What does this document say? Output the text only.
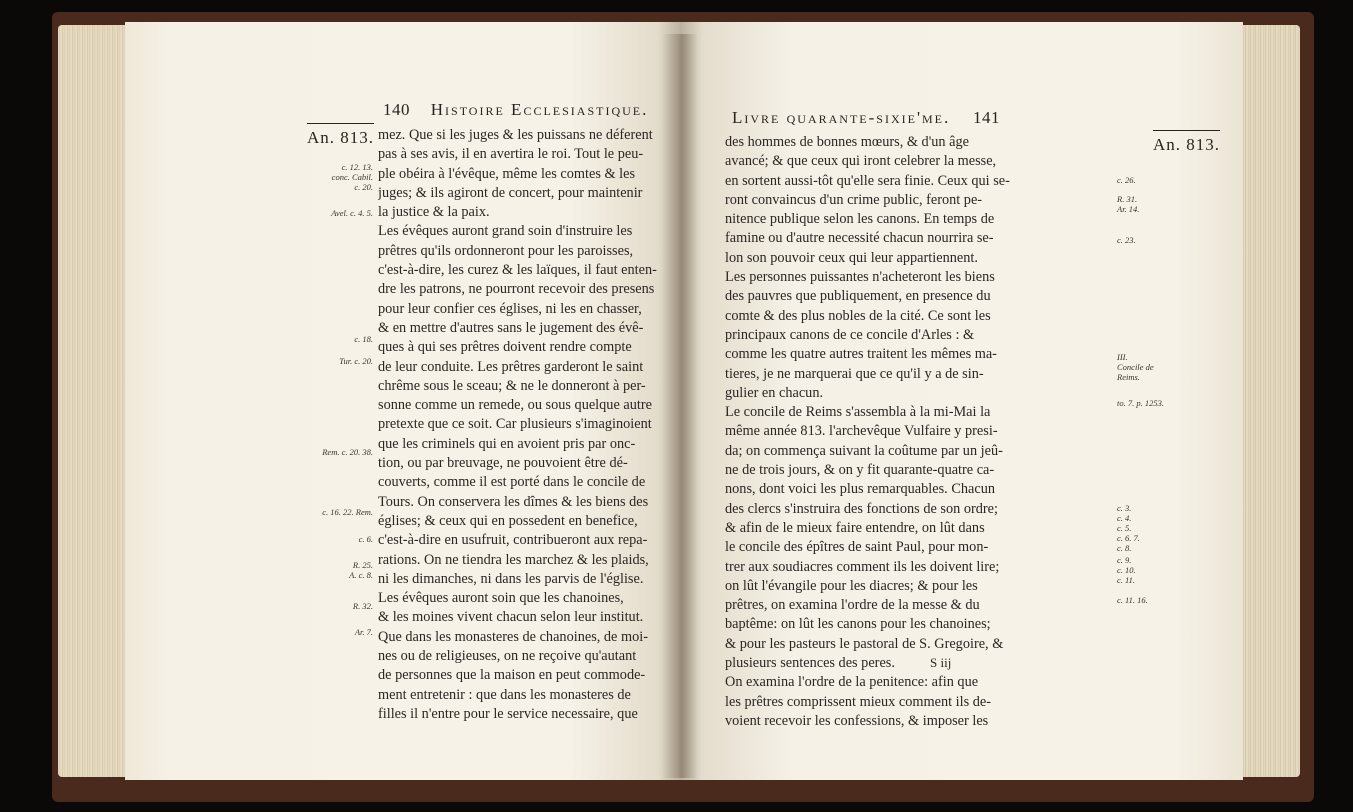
140 Histoire Ecclesiastique.
An. 813. mez. Que si les juges & les puissans ne déferent
pas à ses avis, il en avertira le roi. Tout le peu-
ple obéira à l'évêque, même les comtes & les
juges; & ils agiront de concert, pour maintenir
la justice & la paix.
Les évêques auront grand soin d'instruire les
prêtres qu'ils ordonneront pour les paroisses,
c'est-à-dire, les curez & les laïques, il faut enten-
dre les patrons, ne pourront recevoir des presens
pour leur confier ces églises, ni les en chasser,
& en mettre d'autres sans le jugement des évê-
ques à qui ses prêtres doivent rendre compte
de leur conduite. Les prêtres garderont le saint
chrême sous le sceau; & ne le donneront à per-
sonne comme un remede, ou sous quelque autre
pretexte que ce soit. Car plusieurs s'imaginoient
que les criminels qui en avoient pris par onc-
tion, ou par breuvage, ne pouvoient être dé-
couverts, comme il est porté dans le concile de
Tours. On conservera les dîmes & les biens des
églises; & ceux qui en possedent en benefice,
c'est-à-dire en usufruit, contribueront aux repa-
rations. On ne tiendra les marchez & les plaids,
ni les dimanches, ni dans les parvis de l'église.
Les évêques auront soin que les chanoines,
& les moines vivent chacun selon leur institut.
Que dans les monasteres de chanoines, de moi-
nes ou de religieuses, on ne reçoive qu'autant
de personnes que la maison en peut commode-
ment entretenir : que dans les monasteres de
filles il n'entre pour le service necessaire, que
c. 12. 13.
conc. Cabil.
c. 20.
Avel. c. 4. 5.
c. 18.
Tur. c. 20.
Rem. c. 20. 38.
c. 16. 22. Rem.
c. 6.
R. 25.
A. c. 8.
R. 32.
Ar. 7.
Livre quarante-sixie'me. 141
An. 813.
des hommes de bonnes mœurs, & d'un âge
avancé; & que ceux qui iront celebrer la messe,
en sortent aussi-tôt qu'elle sera finie. Ceux qui se-
ront convaincus d'un crime public, feront pe-
nitence publique selon les canons. En temps de
famine ou d'autre necessité chacun nourrira se-
lon son pouvoir ceux qui leur appartiennent.
Les personnes puissantes n'acheteront les biens
des pauvres que publiquement, en presence du
comte & des plus nobles de la cité. Ce sont les
principaux canons de ce concile d'Arles : &
comme les quatre autres traitent les mêmes ma-
tieres, je ne marquerai que ce qu'il y a de sin-
gulier en chacun.
Le concile de Reims s'assembla à la mi-Mai la
même année 813. l'archevêque Vulfaire y presi-
da; on commença suivant la coûtume par un jeû-
ne de trois jours, & on y fit quarante-quatre ca-
nons, dont voici les plus remarquables. Chacun
des clercs s'instruira des fonctions de son ordre;
& afin de le mieux faire entendre, on lût dans
le concile des épîtres de saint Paul, pour mon-
trer aux soudiacres comment ils les doivent lire;
on lût l'évangile pour les diacres; & pour les
prêtres, on examina l'ordre de la messe & du
baptême: on lût les canons pour les chanoines;
& pour les pasteurs le pastoral de S. Gregoire, &
plusieurs sentences des peres.
On examina l'ordre de la penitence: afin que
les prêtres comprissent mieux comment ils de-
voient recevoir les confessions, & imposer les
c. 26.
R. 31.
Ar. 14.
c. 23.
III.
Concile de
Reims.
to. 7. p. 1253.
c. 3.
c. 4.
c. 5.
c. 6. 7.
c. 8.
c. 9.
c. 10.
c. 11.
c. 11. 16.
S iij
